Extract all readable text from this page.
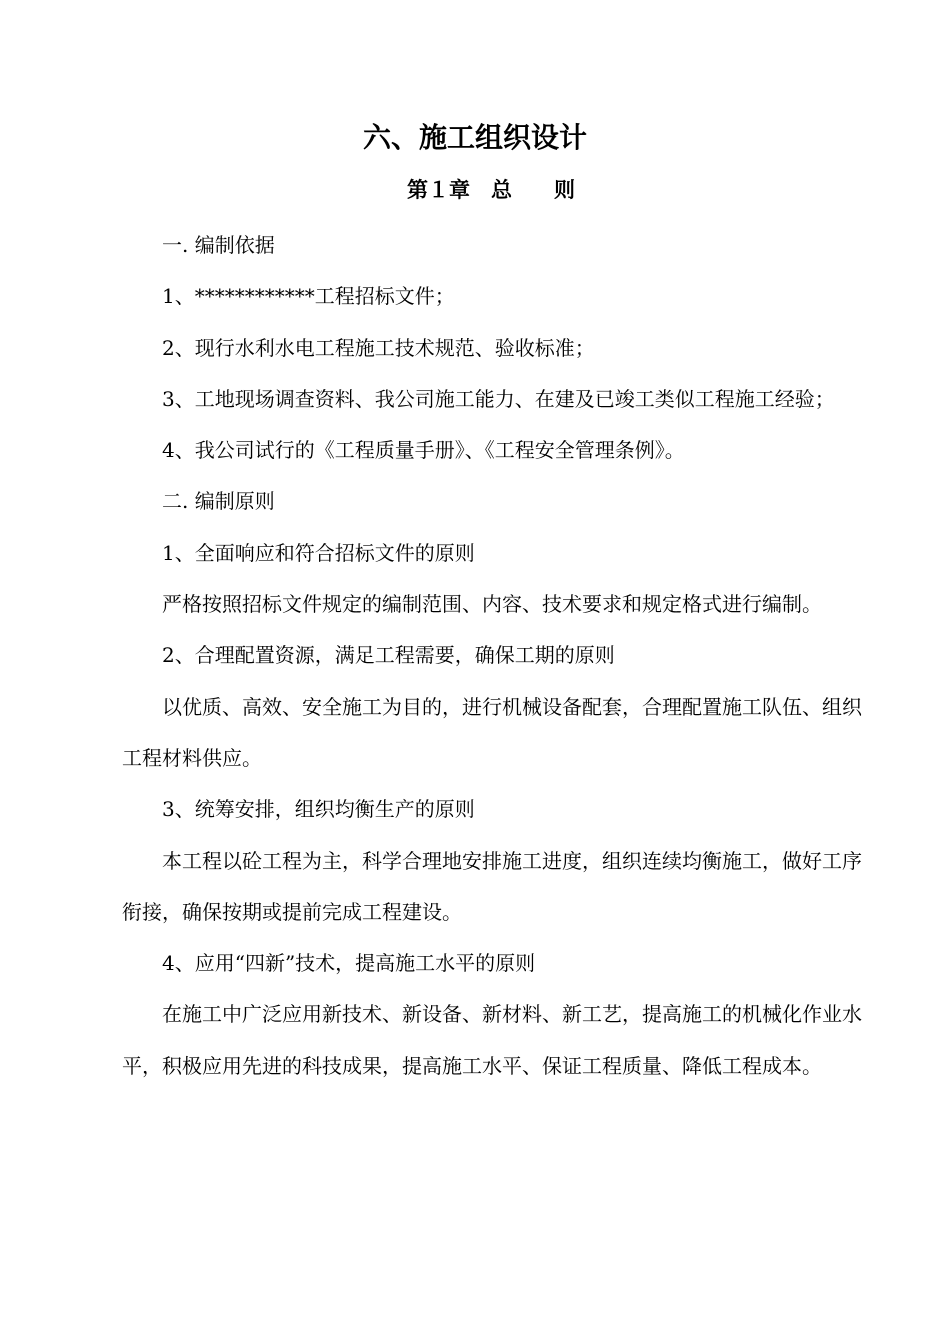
六、施工组织设计
第１章　总　　则

一. 编制依据

1、************工程招标文件；

2、现行水利水电工程施工技术规范、验收标准；

3、工地现场调查资料、我公司施工能力、在建及已竣工类似工程施工经验；

4、我公司试行的《工程质量手册》、《工程安全管理条例》。

二. 编制原则

1、全面响应和符合招标文件的原则

严格按照招标文件规定的编制范围、内容、技术要求和规定格式进行编制。

2、合理配置资源，满足工程需要，确保工期的原则

以优质、高效、安全施工为目的，进行机械设备配套，合理配置施工队伍、组织工程材料供应。

3、统筹安排，组织均衡生产的原则

本工程以砼工程为主，科学合理地安排施工进度，组织连续均衡施工，做好工序衔接，确保按期或提前完成工程建设。

4、应用“四新”技术，提高施工水平的原则

在施工中广泛应用新技术、新设备、新材料、新工艺，提高施工的机械化作业水平，积极应用先进的科技成果，提高施工水平、保证工程质量、降低工程成本。
